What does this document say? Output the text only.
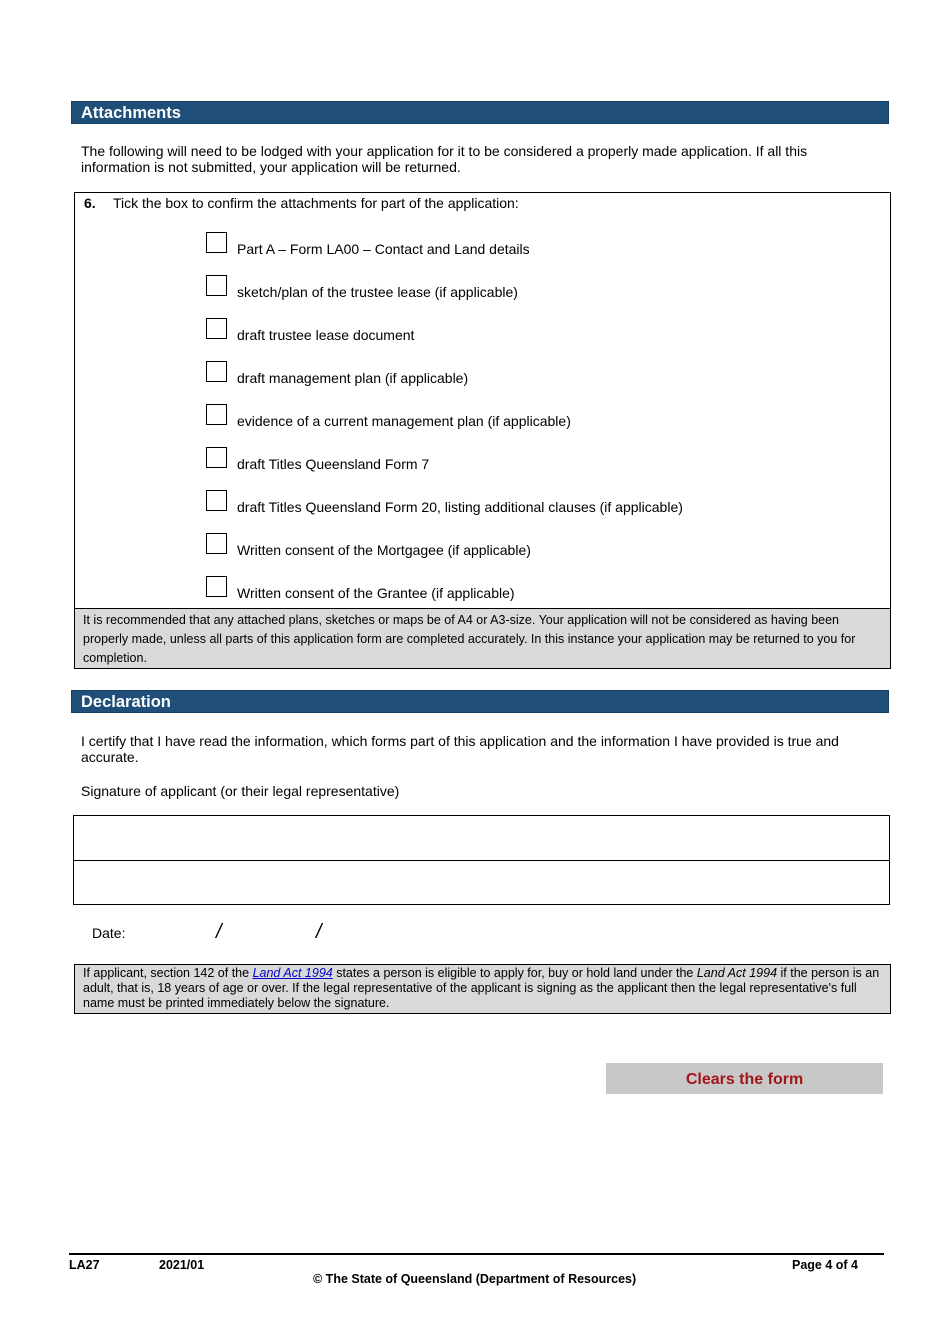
Attachments
The following will need to be lodged with your application for it to be considered a properly made application. If all this information is not submitted, your application will be returned.
6. Tick the box to confirm the attachments for part of the application:
Part A – Form LA00 – Contact and Land details
sketch/plan of the trustee lease (if applicable)
draft trustee lease document
draft management plan (if applicable)
evidence of a current management plan (if applicable)
draft Titles Queensland Form 7
draft Titles Queensland Form 20, listing additional clauses (if applicable)
Written consent of the Mortgagee (if applicable)
Written consent of the Grantee (if applicable)
It is recommended that any attached plans, sketches or maps be of A4 or A3-size. Your application will not be considered as having been properly made, unless all parts of this application form are completed accurately. In this instance your application may be returned to you for completion.
Declaration
I certify that I have read the information, which forms part of this application and the information I have provided is true and accurate.
Signature of applicant (or their legal representative)
Date:	/	/
If applicant, section 142 of the Land Act 1994 states a person is eligible to apply for, buy or hold land under the Land Act 1994 if the person is an adult, that is, 18 years of age or over. If the legal representative of the applicant is signing as the applicant then the legal representative's full name must be printed immediately below the signature.
Clears the form
LA27	2021/01
© The State of Queensland (Department of Resources)
Page 4 of 4
